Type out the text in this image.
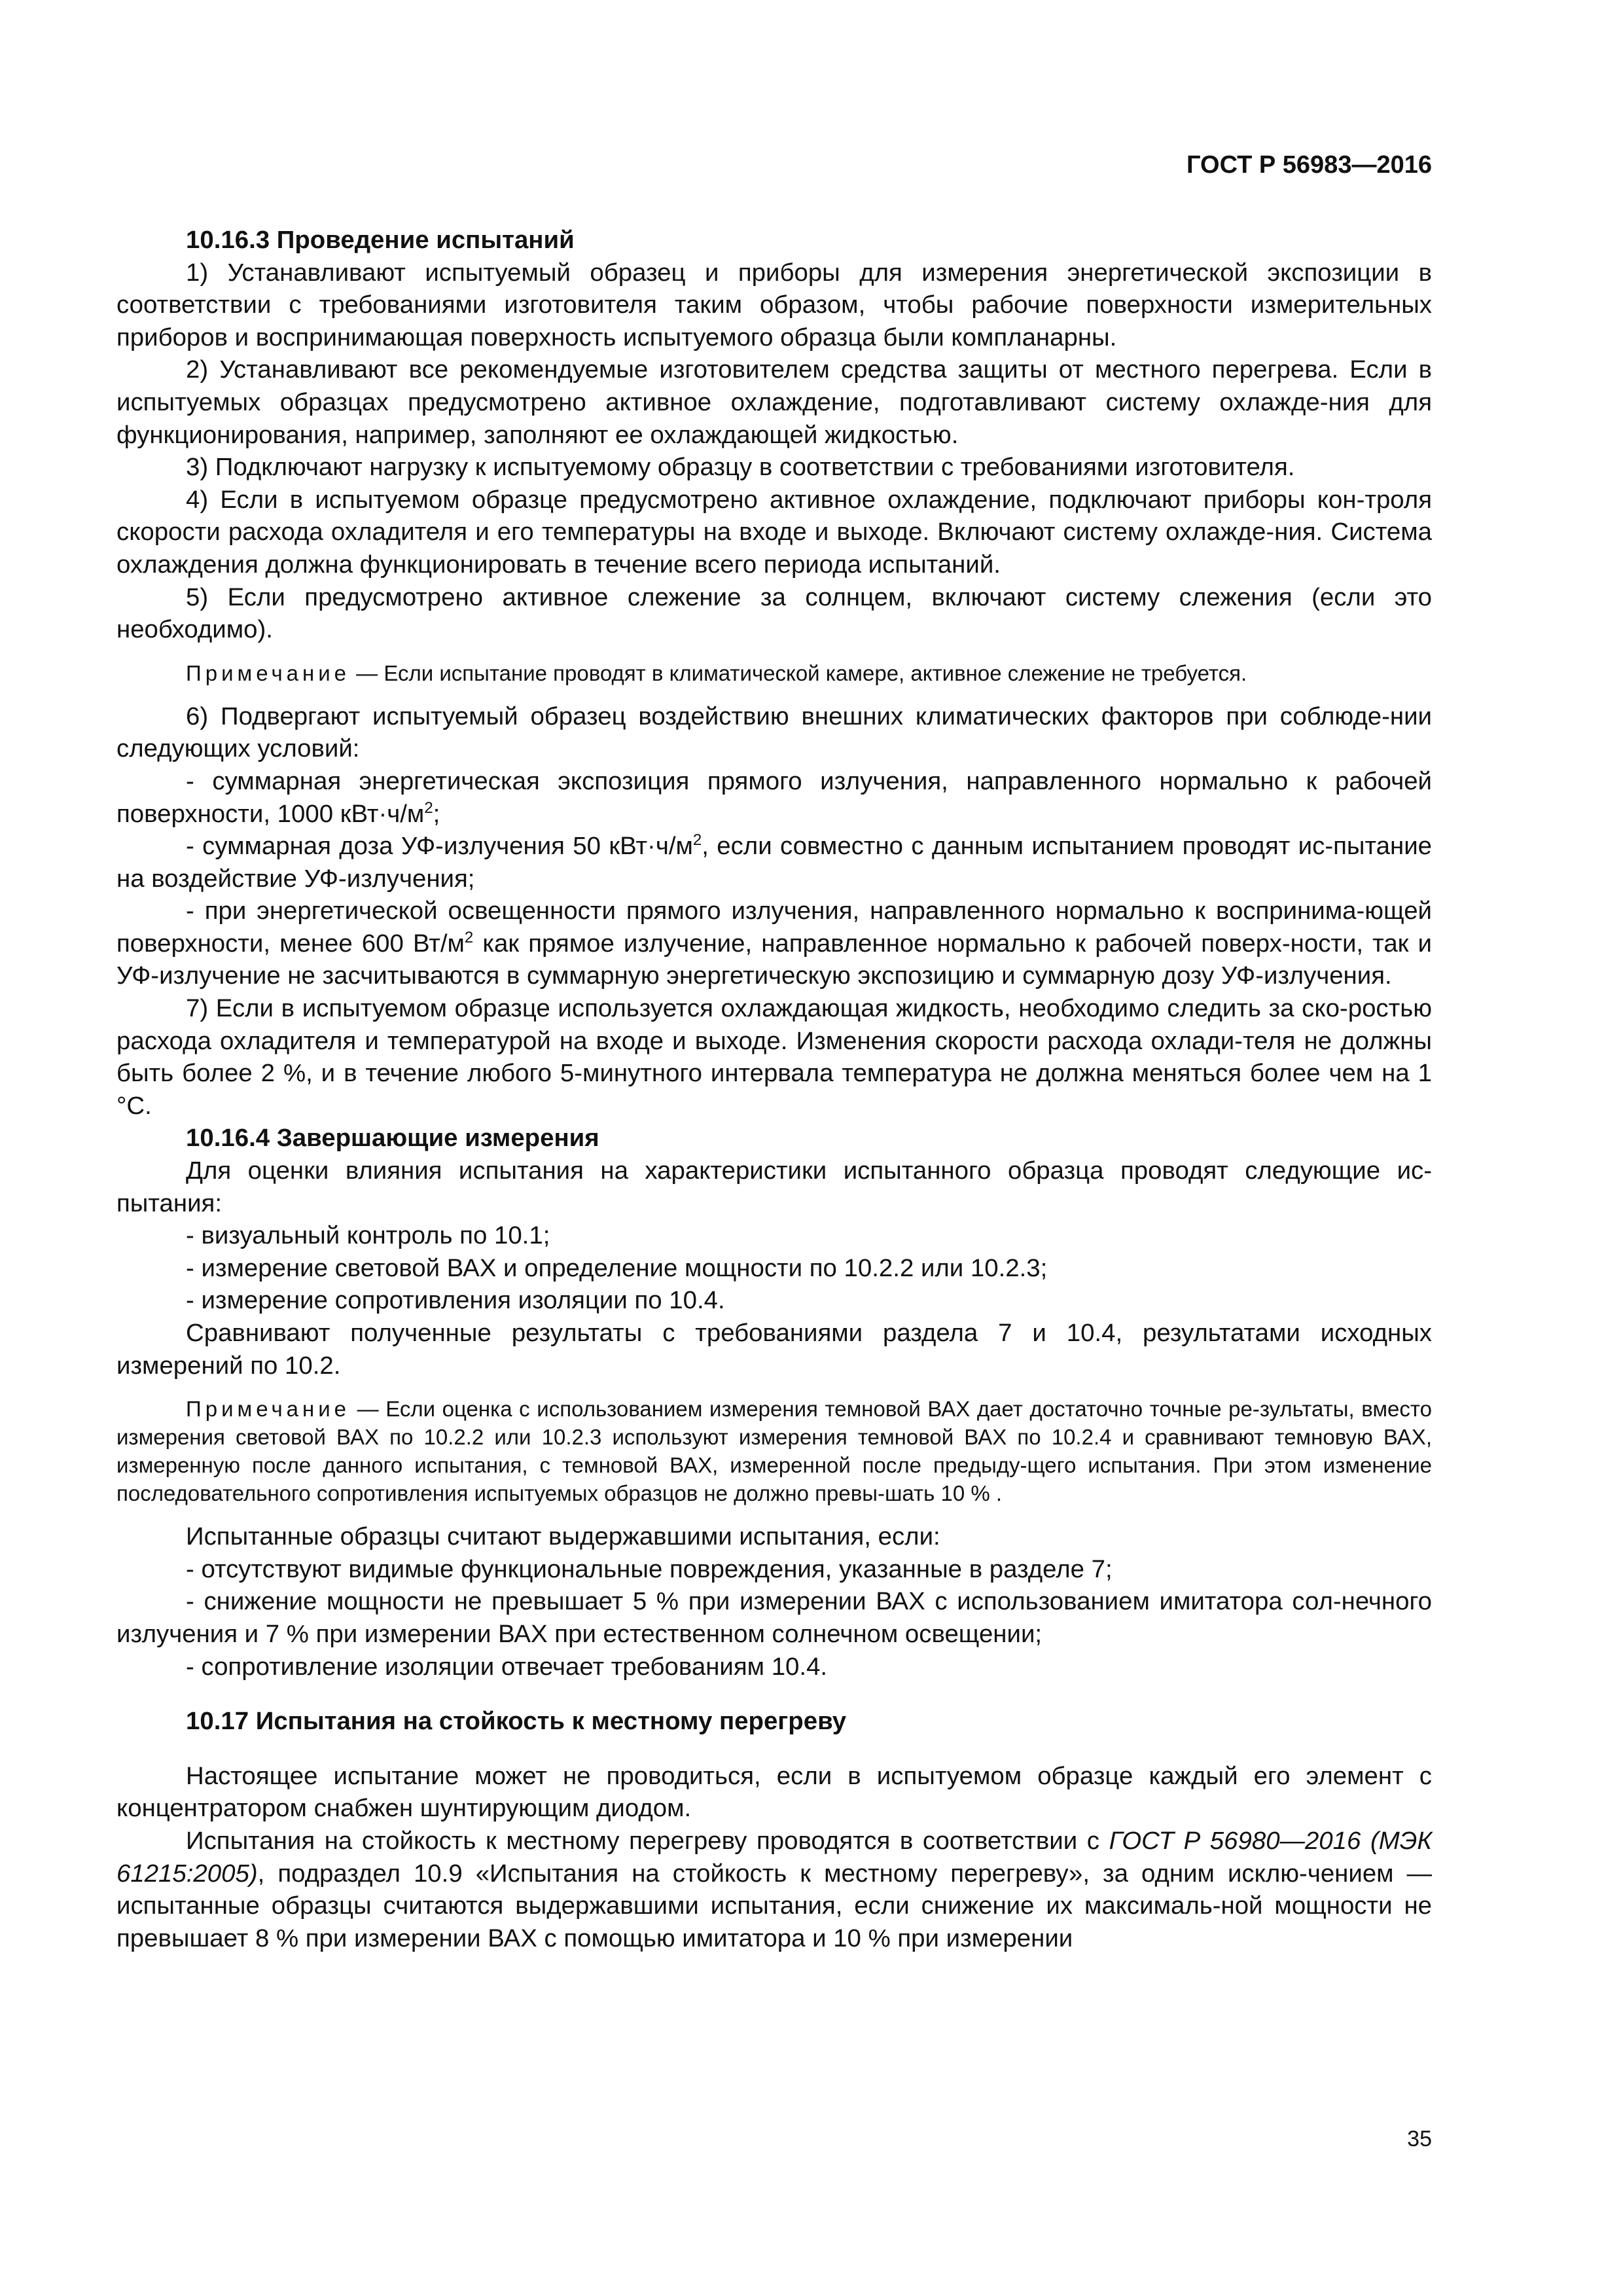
ГОСТ Р 56983—2016

10.16.3 Проведение испытаний

1) Устанавливают испытуемый образец и приборы для измерения энергетической экспозиции в соответствии с требованиями изготовителя таким образом, чтобы рабочие поверхности измерительных приборов и воспринимающая поверхность испытуемого образца были компланарны.

2) Устанавливают все рекомендуемые изготовителем средства защиты от местного перегрева. Если в испытуемых образцах предусмотрено активное охлаждение, подготавливают систему охлажде-ния для функционирования, например, заполняют ее охлаждающей жидкостью.

3) Подключают нагрузку к испытуемому образцу в соответствии с требованиями изготовителя.

4) Если в испытуемом образце предусмотрено активное охлаждение, подключают приборы кон-троля скорости расхода охладителя и его температуры на входе и выходе. Включают систему охлажде-ния. Система охлаждения должна функционировать в течение всего периода испытаний.

5) Если предусмотрено активное слежение за солнцем, включают систему слежения (если это необходимо).

Примечание — Если испытание проводят в климатической камере, активное слежение не требуется.

6) Подвергают испытуемый образец воздействию внешних климатических факторов при соблюде-нии следующих условий:

- суммарная энергетическая экспозиция прямого излучения, направленного нормально к рабочей поверхности, 1000 $кВт\cdot ч/м^2$;

- суммарная доза УФ-излучения 50 $кВт\cdot ч/м^2$, если совместно с данным испытанием проводят ис-пытание на воздействие УФ-излучения;

- при энергетической освещенности прямого излучения, направленного нормально к воспринима-ющей поверхности, менее 600 $Вт/м^2$ как прямое излучение, направленное нормально к рабочей поверх-ности, так и УФ-излучение не засчитываются в суммарную энергетическую экспозицию и суммарную дозу УФ-излучения.

7) Если в испытуемом образце используется охлаждающая жидкость, необходимо следить за ско-ростью расхода охладителя и температурой на входе и выходе. Изменения скорости расхода охлади-теля не должны быть более 2 %, и в течение любого 5-минутного интервала температура не должна меняться более чем на 1 °С.

10.16.4 Завершающие измерения

Для оценки влияния испытания на характеристики испытанного образца проводят следующие ис-пытания:

- визуальный контроль по 10.1;

- измерение световой ВАХ и определение мощности по 10.2.2 или 10.2.3;

- измерение сопротивления изоляции по 10.4.

Сравнивают полученные результаты с требованиями раздела 7 и 10.4, результатами исходных измерений по 10.2.

Примечание — Если оценка с использованием измерения темновой ВАХ дает достаточно точные ре-зультаты, вместо измерения световой ВАХ по 10.2.2 или 10.2.3 используют измерения темновой ВАХ по 10.2.4 и сравнивают темновую ВАХ, измеренную после данного испытания, с темновой ВАХ, измеренной после предыду-щего испытания. При этом изменение последовательного сопротивления испытуемых образцов не должно превы-шать 10 % .

Испытанные образцы считают выдержавшими испытания, если:

- отсутствуют видимые функциональные повреждения, указанные в разделе 7;

- снижение мощности не превышает 5 % при измерении ВАХ с использованием имитатора сол-нечного излучения и 7 % при измерении ВАХ при естественном солнечном освещении;

- сопротивление изоляции отвечает требованиям 10.4.

10.17 Испытания на стойкость к местному перегреву

Настоящее испытание может не проводиться, если в испытуемом образце каждый его элемент с концентратором снабжен шунтирующим диодом.

Испытания на стойкость к местному перегреву проводятся в соответствии с ГОСТ Р 56980—2016 (МЭК 61215:2005), подраздел 10.9 «Испытания на стойкость к местному перегреву», за одним исклю-чением — испытанные образцы считаются выдержавшими испытания, если снижение их максималь-ной мощности не превышает 8 % при измерении ВАХ с помощью имитатора и 10 % при измерении

35
